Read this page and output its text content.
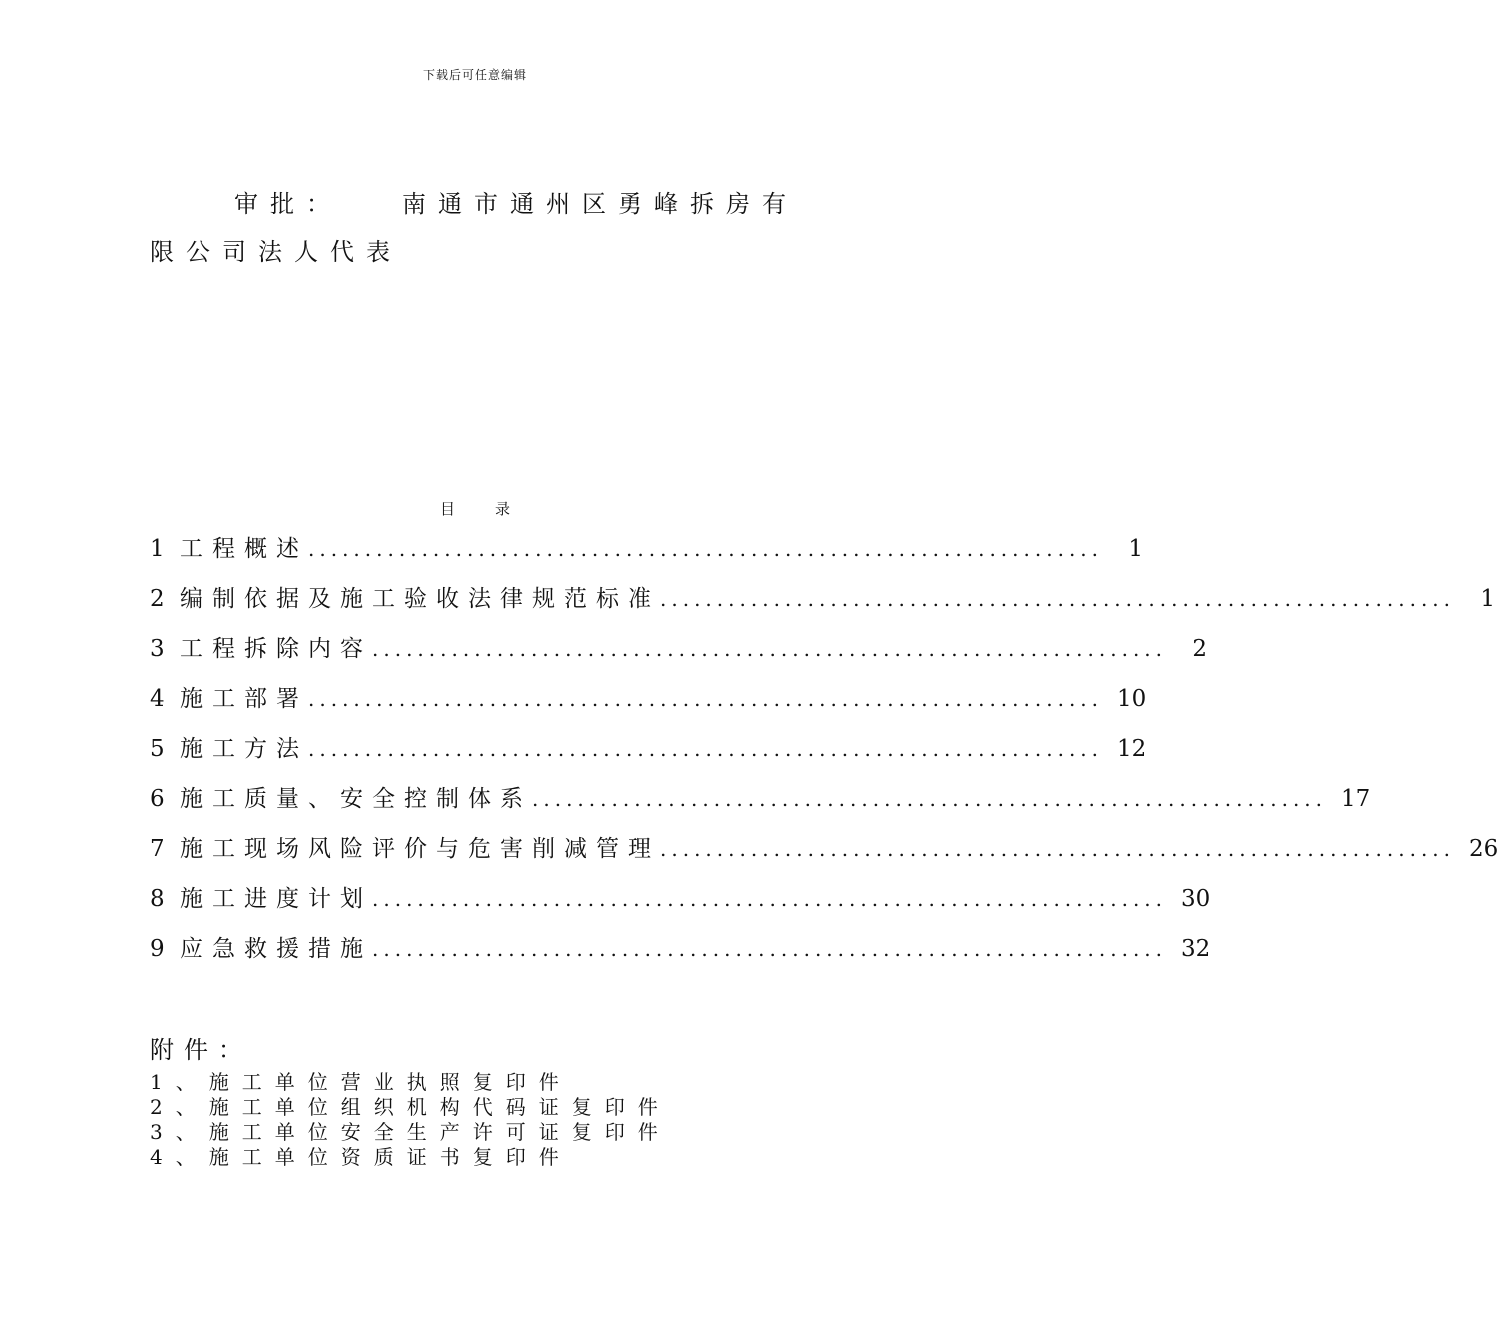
下载后可任意编辑
审批：	南通市通州区勇峰拆房有限公司法人代表
目录
1 工程概述 ......................................................................	1
2 编制依据及施工验收法律规范标准 ......................................................................	1
3 工程拆除内容 ......................................................................	2
4 施工部署 ...................................................................... 10
5 施工方法 ...................................................................... 12
6 施工质量、安全控制体系 ...................................................................... 17
7 施工现场风险评价与危害削减管理 ...................................................................... 26
8 施工进度计划 ...................................................................... 30
9 应急救援措施 ...................................................................... 32
附件：
1、施工单位营业执照复印件
2、施工单位组织机构代码证复印件
3、施工单位安全生产许可证复印件
4、施工单位资质证书复印件
